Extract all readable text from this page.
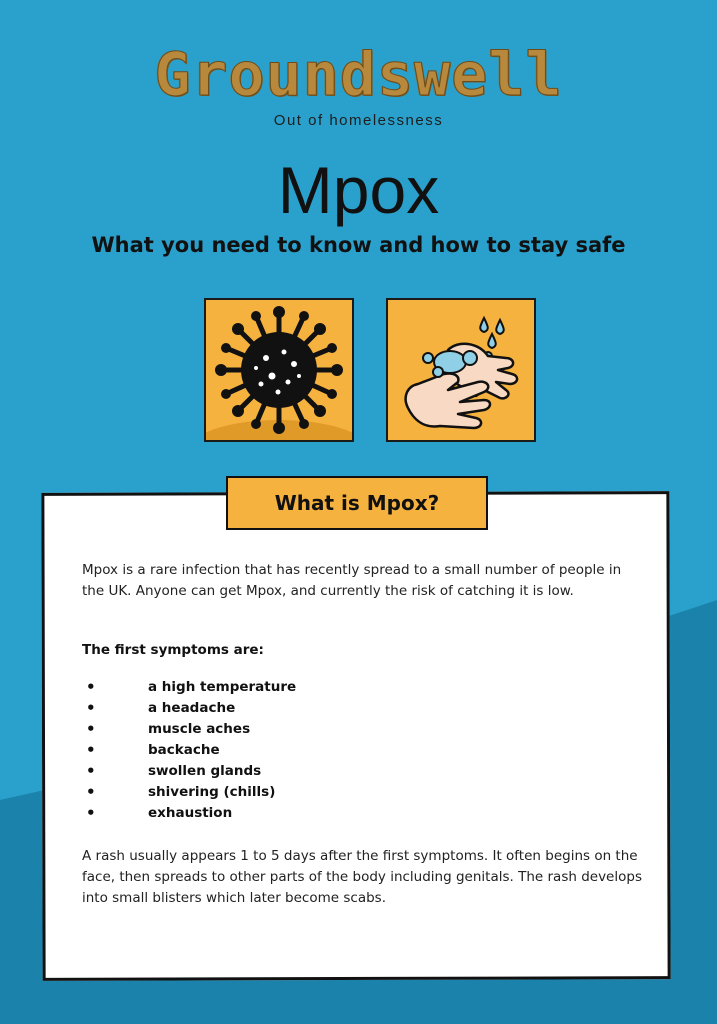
Groundswell
Out of homelessness
Mpox
What you need to know and how to stay safe
What is Mpox?

Mpox is a rare infection that has recently spread to a small number of people in the UK. Anyone can get Mpox, and currently the risk of catching it is low.

The first symptoms are:

•	a high temperature
•	a headache
•	muscle aches
•	backache
•	swollen glands
•	shivering (chills)
•	exhaustion

A rash usually appears 1 to 5 days after the first symptoms. It often begins on the face, then spreads to other parts of the body including genitals. The rash develops into small blisters which later become scabs.
